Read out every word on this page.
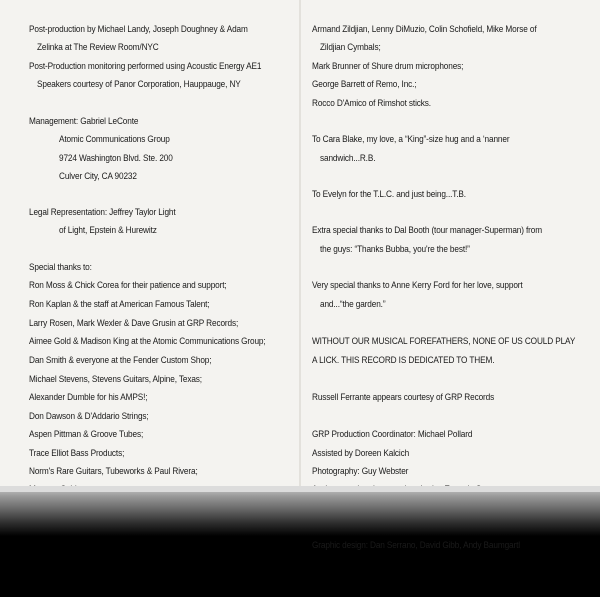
Post-production by Michael Landy, Joseph Doughney & Adam
Zelinka at The Review Room/NYC
Post-Production monitoring performed using Acoustic Energy AE1
Speakers courtesy of Panor Corporation, Hauppauge, NY
Management: Gabriel LeConte
Atomic Communications Group
9724 Washington Blvd. Ste. 200
Culver City, CA 90232
Legal Representation: Jeffrey Taylor Light
of Light, Epstein & Hurewitz
Special thanks to:
Ron Moss & Chick Corea for their patience and support;
Ron Kaplan & the staff at American Famous Talent;
Larry Rosen, Mark Wexler & Dave Grusin at GRP Records;
Aimee Gold & Madison King at the Atomic Communications Group;
Dan Smith & everyone at the Fender Custom Shop;
Michael Stevens, Stevens Guitars, Alpine, Texas;
Alexander Dumble for his AMPS!;
Don Dawson & D'Addario Strings;
Aspen Pittman & Groove Tubes;
Trace Elliot Bass Products;
Norm's Rare Guitars, Tubeworks & Paul Rivera;
Armand Zildjian, Lenny DiMuzio, Colin Schofield, Mike Morse of
Zildjian Cymbals;
Mark Brunner of Shure drum microphones;
George Barrett of Remo, Inc.;
Rocco D'Amico of Rimshot sticks.
To Cara Blake, my love, a “King”-size hug and a ‘nanner
sandwich...R.B.
To Evelyn for the T.L.C. and just being...T.B.
Extra special thanks to Dal Booth (tour manager-Superman) from
the guys: “Thanks Bubba, you're the best!”
Very special thanks to Anne Kerry Ford for her love, support
and...“the garden.”
WITHOUT OUR MUSICAL FOREFATHERS, NONE OF US COULD PLAY
A LICK. THIS RECORD IS DEDICATED TO THEM.
Russell Ferrante appears courtesy of GRP Records
GRP Production Coordinator: Michael Pollard
Assisted by Doreen Kalcich
Photography: Guy Webster
Graphic design: Dan Serrano, David Gibb, Andy Baumgartl
